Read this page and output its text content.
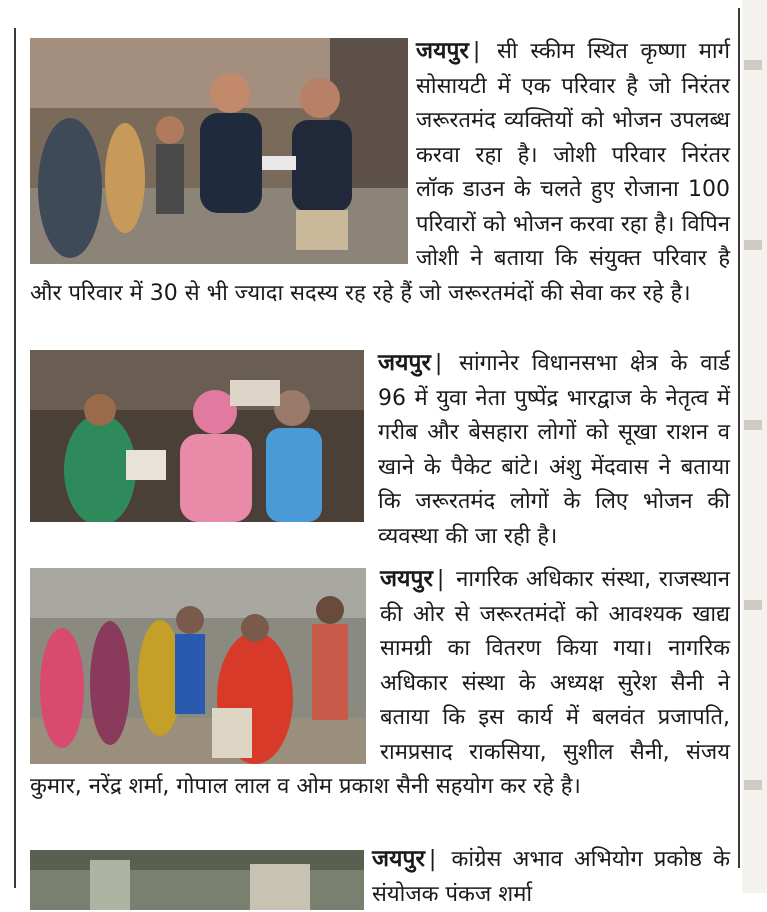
जयपुर | सी स्कीम स्थित कृष्णा मार्ग सोसायटी में एक परिवार है जो निरंतर जरूरतमंद व्यक्तियों को भोजन उपलब्ध करवा रहा है। जोशी परिवार निरंतर लॉक डाउन के चलते हुए रोजाना 100 परिवारों को भोजन करवा रहा है। विपिन जोशी ने बताया कि संयुक्त परिवार है और परिवार में 30 से भी ज्यादा सदस्य रह रहे हैं जो जरूरतमंदों की सेवा कर रहे है।

जयपुर | सांगानेर विधानसभा क्षेत्र के वार्ड 96 में युवा नेता पुष्पेंद्र भारद्वाज के नेतृत्व में गरीब और बेसहारा लोगों को सूखा राशन व खाने के पैकेट बांटे। अंशु मेंदवास ने बताया कि जरूरतमंद लोगों के लिए भोजन की व्यवस्था की जा रही है।

जयपुर | नागरिक अधिकार संस्था, राजस्थान की ओर से जरूरतमंदों को आवश्यक खाद्य सामग्री का वितरण किया गया। नागरिक अधिकार संस्था के अध्यक्ष सुरेश सैनी ने बताया कि इस कार्य में बलवंत प्रजापति, रामप्रसाद राकसिया, सुशील सैनी, संजय कुमार, नरेंद्र शर्मा, गोपाल लाल व ओम प्रकाश सैनी सहयोग कर रहे है।

जयपुर | कांग्रेस अभाव अभियोग प्रकोष्ठ के संयोजक पंकज शर्मा
